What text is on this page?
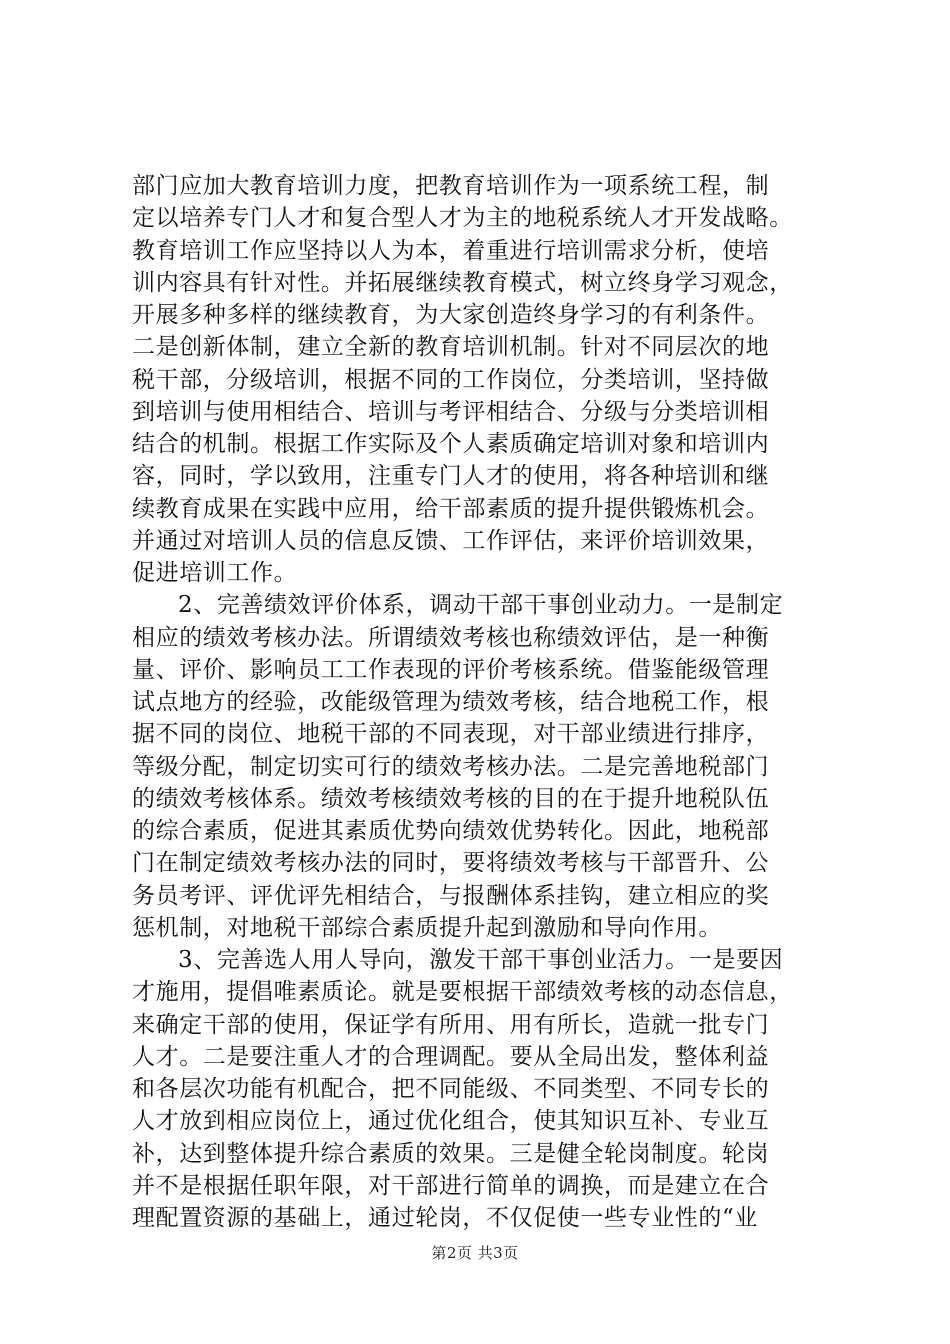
部门应加大教育培训力度，把教育培训作为一项系统工程，制
定以培养专门人才和复合型人才为主的地税系统人才开发战略。
教育培训工作应坚持以人为本，着重进行培训需求分析，使培
训内容具有针对性。并拓展继续教育模式，树立终身学习观念，
开展多种多样的继续教育，为大家创造终身学习的有利条件。
二是创新体制，建立全新的教育培训机制。针对不同层次的地
税干部，分级培训，根据不同的工作岗位，分类培训，坚持做
到培训与使用相结合、培训与考评相结合、分级与分类培训相
结合的机制。根据工作实际及个人素质确定培训对象和培训内
容，同时，学以致用，注重专门人才的使用，将各种培训和继
续教育成果在实践中应用，给干部素质的提升提供锻炼机会。
并通过对培训人员的信息反馈、工作评估，来评价培训效果，
促进培训工作。
2、完善绩效评价体系，调动干部干事创业动力。一是制定
相应的绩效考核办法。所谓绩效考核也称绩效评估，是一种衡
量、评价、影响员工工作表现的评价考核系统。借鉴能级管理
试点地方的经验，改能级管理为绩效考核，结合地税工作，根
据不同的岗位、地税干部的不同表现，对干部业绩进行排序，
等级分配，制定切实可行的绩效考核办法。二是完善地税部门
的绩效考核体系。绩效考核绩效考核的目的在于提升地税队伍
的综合素质，促进其素质优势向绩效优势转化。因此，地税部
门在制定绩效考核办法的同时，要将绩效考核与干部晋升、公
务员考评、评优评先相结合，与报酬体系挂钩，建立相应的奖
惩机制，对地税干部综合素质提升起到激励和导向作用。
3、完善选人用人导向，激发干部干事创业活力。一是要因
才施用，提倡唯素质论。就是要根据干部绩效考核的动态信息，
来确定干部的使用，保证学有所用、用有所长，造就一批专门
人才。二是要注重人才的合理调配。要从全局出发，整体利益
和各层次功能有机配合，把不同能级、不同类型、不同专长的
人才放到相应岗位上，通过优化组合，使其知识互补、专业互
补，达到整体提升综合素质的效果。三是健全轮岗制度。轮岗
并不是根据任职年限，对干部进行简单的调换，而是建立在合
理配置资源的基础上，通过轮岗，不仅促使一些专业性的“业
第2页 共3页
